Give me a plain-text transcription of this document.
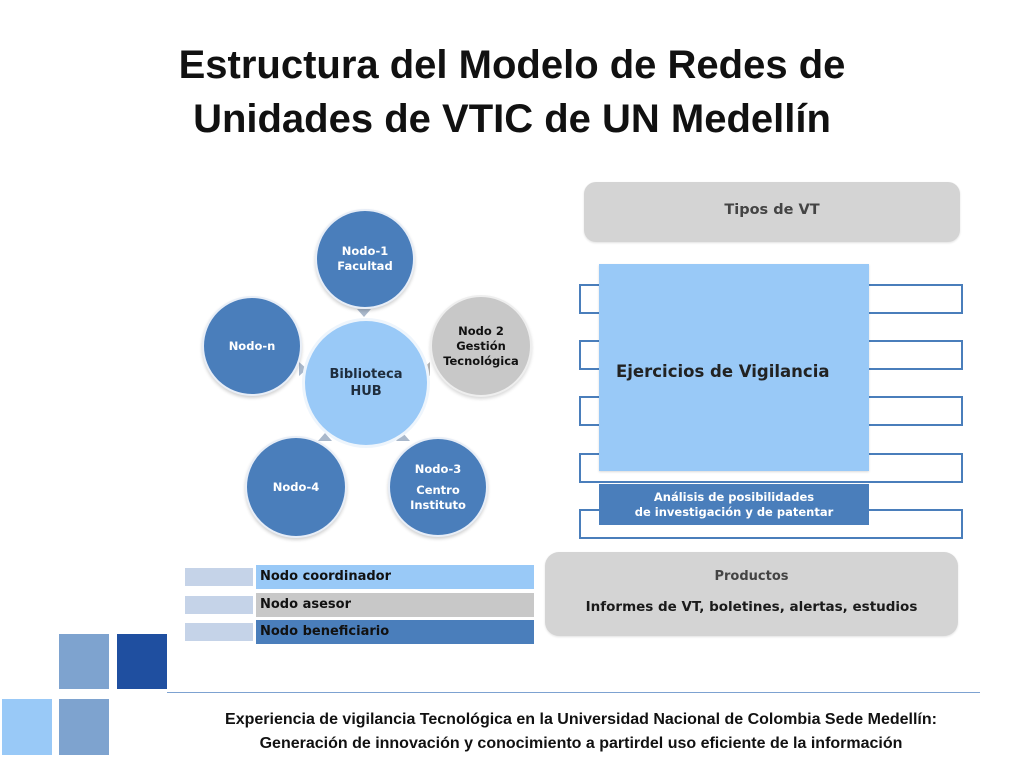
Estructura del Modelo de Redes de
Unidades de VTIC de UN Medellín
Nodo-1
Facultad
Nodo 2
Gestión
Tecnológica
Nodo-n
Biblioteca
HUB
Nodo-4
Nodo-3
Centro
Instituto
Nodo coordinador
Nodo asesor
Nodo beneficiario
Tipos de VT
Ejercicios de Vigilancia
Análisis de posibilidades
de investigación y de patentar
Productos
Informes de VT, boletines, alertas, estudios
Experiencia de vigilancia Tecnológica en la Universidad Nacional de Colombia Sede Medellín:
Generación de innovación y conocimiento a partirdel uso eficiente de la información
